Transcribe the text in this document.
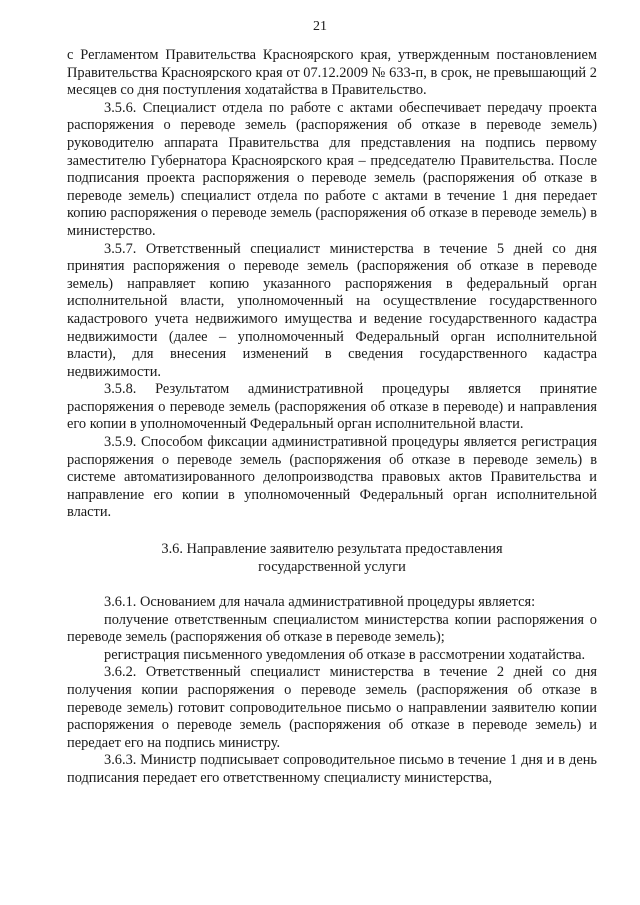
21

с Регламентом Правительства Красноярского края, утвержденным постановлением Правительства Красноярского края от 07.12.2009 № 633-п, в срок, не превышающий 2 месяцев со дня поступления ходатайства в Правительство.

3.5.6. Специалист отдела по работе с актами обеспечивает передачу проекта распоряжения о переводе земель (распоряжения об отказе в переводе земель) руководителю аппарата Правительства для представления на подпись первому заместителю Губернатора Красноярского края – председателю Правительства. После подписания проекта распоряжения о переводе земель (распоряжения об отказе в переводе земель) специалист отдела по работе с актами в течение 1 дня передает копию распоряжения о переводе земель (распоряжения об отказе в переводе земель) в министерство.

3.5.7. Ответственный специалист министерства в течение 5 дней со дня принятия распоряжения о переводе земель (распоряжения об отказе в переводе земель) направляет копию указанного распоряжения в федеральный орган исполнительной власти, уполномоченный на осуществление государственного кадастрового учета недвижимого имущества и ведение государственного кадастра недвижимости (далее – уполномоченный Федеральный орган исполнительной власти), для внесения изменений в сведения государственного кадастра недвижимости.

3.5.8. Результатом административной процедуры является принятие распоряжения о переводе земель (распоряжения об отказе в переводе) и направления его копии в уполномоченный Федеральный орган исполнительной власти.

3.5.9. Способом фиксации административной процедуры является регистрация распоряжения о переводе земель (распоряжения об отказе в переводе земель) в системе автоматизированного делопроизводства правовых актов Правительства и направление его копии в уполномоченный Федеральный орган исполнительной власти.

3.6. Направление заявителю результата предоставления
государственной услуги

3.6.1. Основанием для начала административной процедуры является:

получение ответственным специалистом министерства копии распоряжения о переводе земель (распоряжения об отказе в переводе земель);

регистрация письменного уведомления об отказе в рассмотрении ходатайства.

3.6.2. Ответственный специалист министерства в течение 2 дней со дня получения копии распоряжения о переводе земель (распоряжения об отказе в переводе земель) готовит сопроводительное письмо о направлении заявителю копии распоряжения о переводе земель (распоряжения об отказе в переводе земель) и передает его на подпись министру.

3.6.3. Министр подписывает сопроводительное письмо в течение 1 дня и в день подписания передает его ответственному специалисту министерства,
